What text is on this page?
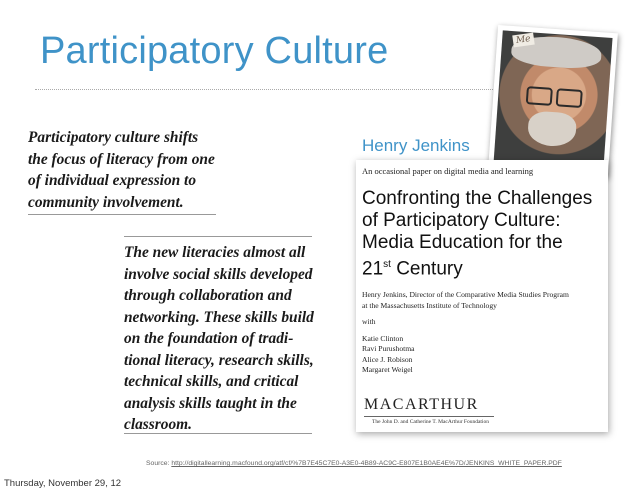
Participatory Culture	Me
Participatory culture shifts
the focus of literacy from one
of individual expression to
community involvement.
The new literacies almost all
involve social skills developed
through collaboration and
networking. These skills build
on the foundation of tradi-
tional literacy, research skills,
technical skills, and critical
analysis skills taught in the
classroom.
Henry Jenkins
An occasional paper on digital media and learning
Confronting the Challenges
of Participatory Culture:
Media Education for the
21st Century
Henry Jenkins, Director of the Comparative Media Studies Program
at the Massachusetts Institute of Technology
with
Katie Clinton
Ravi Purushotma
Alice J. Robison
Margaret Weigel
MACARTHUR
The John D. and Catherine T. MacArthur Foundation
Source: http://digitallearning.macfound.org/atf/cf/%7B7E45C7E0-A3E0-4B89-AC9C-E807E1B0AE4E%7D/JENKINS_WHITE_PAPER.PDF
Thursday, November 29, 12
